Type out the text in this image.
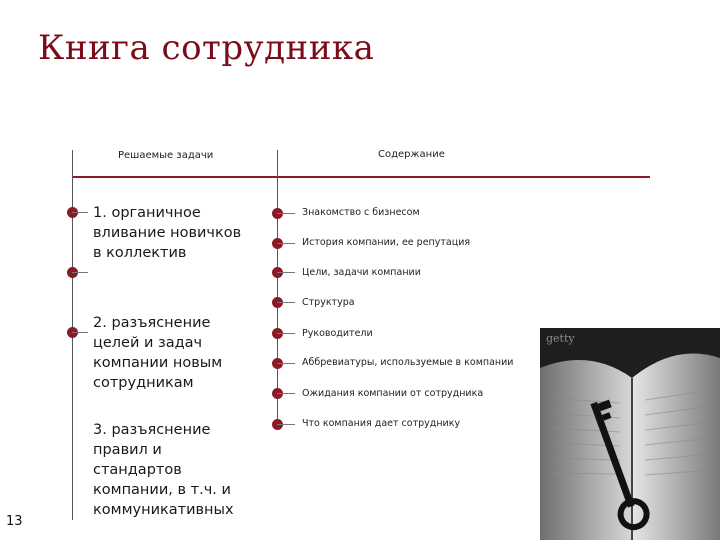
Книга сотрудника
Решаемые задачи	Содержание
1. органичное вливание новичков в коллектив
2. разъяснение целей и задач компании новым сотрудникам
3. разъяснение правил и стандартов компании, в т.ч. и коммуникативных
Знакомство с бизнесом
История компании, ее репутация
Цели, задачи компании
Структура
Руководители
Аббревиатуры, используемые в компании
Ожидания компании от сотрудника
Что компания дает сотруднику
13
getty
